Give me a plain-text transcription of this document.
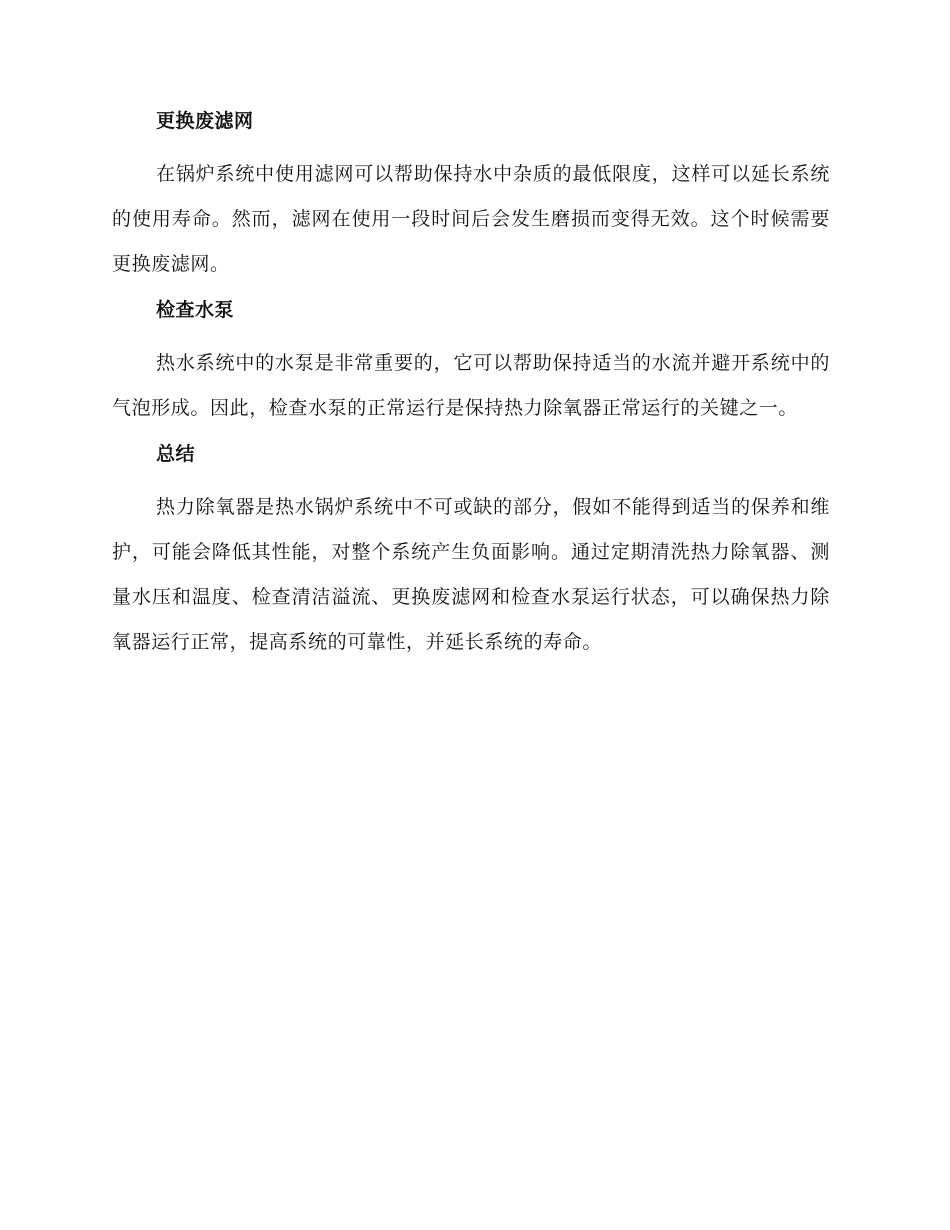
更换废滤网

在锅炉系统中使用滤网可以帮助保持水中杂质的最低限度，这样可以延长系统的使用寿命。然而，滤网在使用一段时间后会发生磨损而变得无效。这个时候需要更换废滤网。

检查水泵

热水系统中的水泵是非常重要的，它可以帮助保持适当的水流并避开系统中的气泡形成。因此，检查水泵的正常运行是保持热力除氧器正常运行的关键之一。

总结

热力除氧器是热水锅炉系统中不可或缺的部分，假如不能得到适当的保养和维护，可能会降低其性能，对整个系统产生负面影响。通过定期清洗热力除氧器、测量水压和温度、检查清洁溢流、更换废滤网和检查水泵运行状态，可以确保热力除氧器运行正常，提高系统的可靠性，并延长系统的寿命。
